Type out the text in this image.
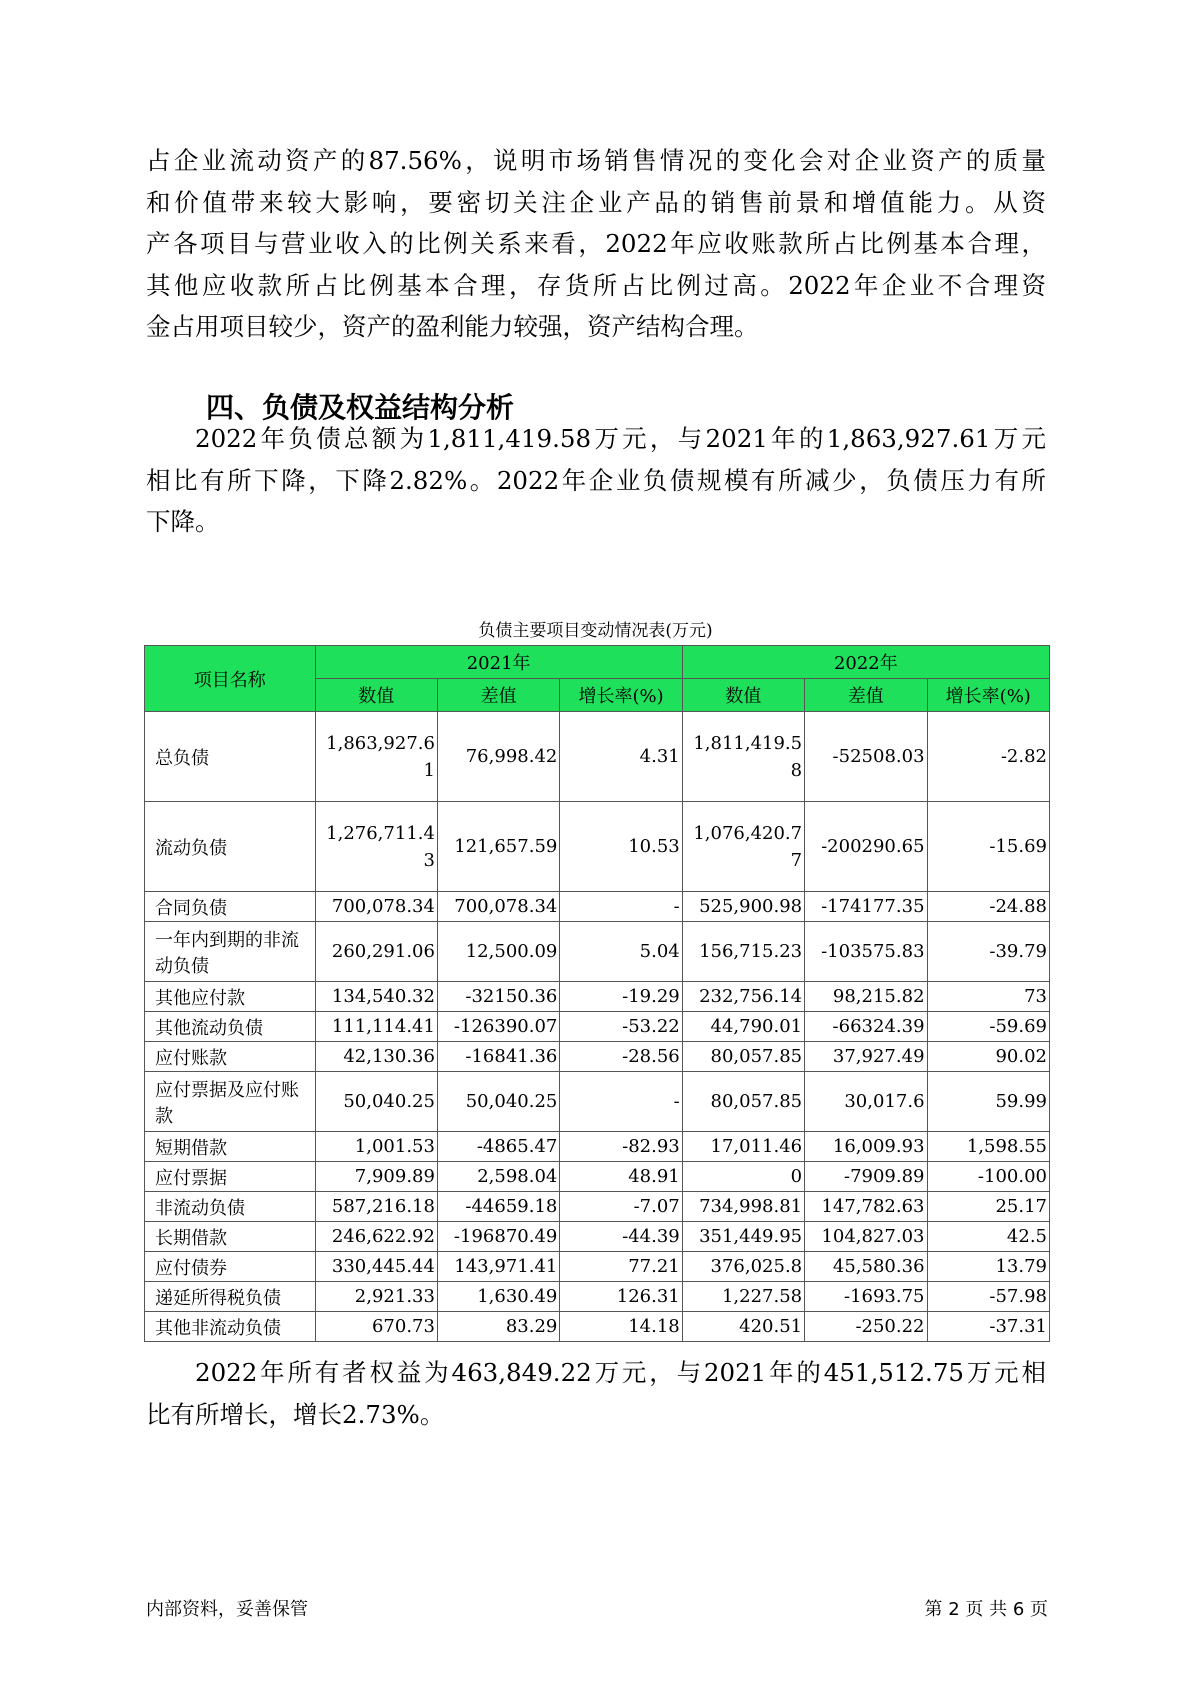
占企业流动资产的87.56%，说明市场销售情况的变化会对企业资产的质量
和价值带来较大影响，要密切关注企业产品的销售前景和增值能力。从资
产各项目与营业收入的比例关系来看，2022年应收账款所占比例基本合理，
其他应收款所占比例基本合理，存货所占比例过高。2022年企业不合理资
金占用项目较少，资产的盈利能力较强，资产结构合理。
四、负债及权益结构分析
2022年负债总额为1,811,419.58万元，与2021年的1,863,927.61万元
相比有所下降，下降2.82%。2022年企业负债规模有所减少，负债压力有所
下降。
负债主要项目变动情况表(万元)
项目名称	2021年			2022年		
	数值	差值	增长率(%)	数值	差值	增长率(%)
总负债	1,863,927.61	76,998.42	4.31	1,811,419.58	-52508.03	-2.82
流动负债	1,276,711.43	121,657.59	10.53	1,076,420.77	-200290.65	-15.69
合同负债	700,078.34	700,078.34	-	525,900.98	-174177.35	-24.88
一年内到期的非流动负债	260,291.06	12,500.09	5.04	156,715.23	-103575.83	-39.79
其他应付款	134,540.32	-32150.36	-19.29	232,756.14	98,215.82	73
其他流动负债	111,114.41	-126390.07	-53.22	44,790.01	-66324.39	-59.69
应付账款	42,130.36	-16841.36	-28.56	80,057.85	37,927.49	90.02
应付票据及应付账款	50,040.25	50,040.25	-	80,057.85	30,017.6	59.99
短期借款	1,001.53	-4865.47	-82.93	17,011.46	16,009.93	1,598.55
应付票据	7,909.89	2,598.04	48.91	0	-7909.89	-100.00
非流动负债	587,216.18	-44659.18	-7.07	734,998.81	147,782.63	25.17
长期借款	246,622.92	-196870.49	-44.39	351,449.95	104,827.03	42.5
应付债券	330,445.44	143,971.41	77.21	376,025.8	45,580.36	13.79
递延所得税负债	2,921.33	1,630.49	126.31	1,227.58	-1693.75	-57.98
其他非流动负债	670.73	83.29	14.18	420.51	-250.22	-37.31
2022年所有者权益为463,849.22万元，与2021年的451,512.75万元相
比有所增长，增长2.73%。
内部资料，妥善保管	第 2 页 共 6 页
